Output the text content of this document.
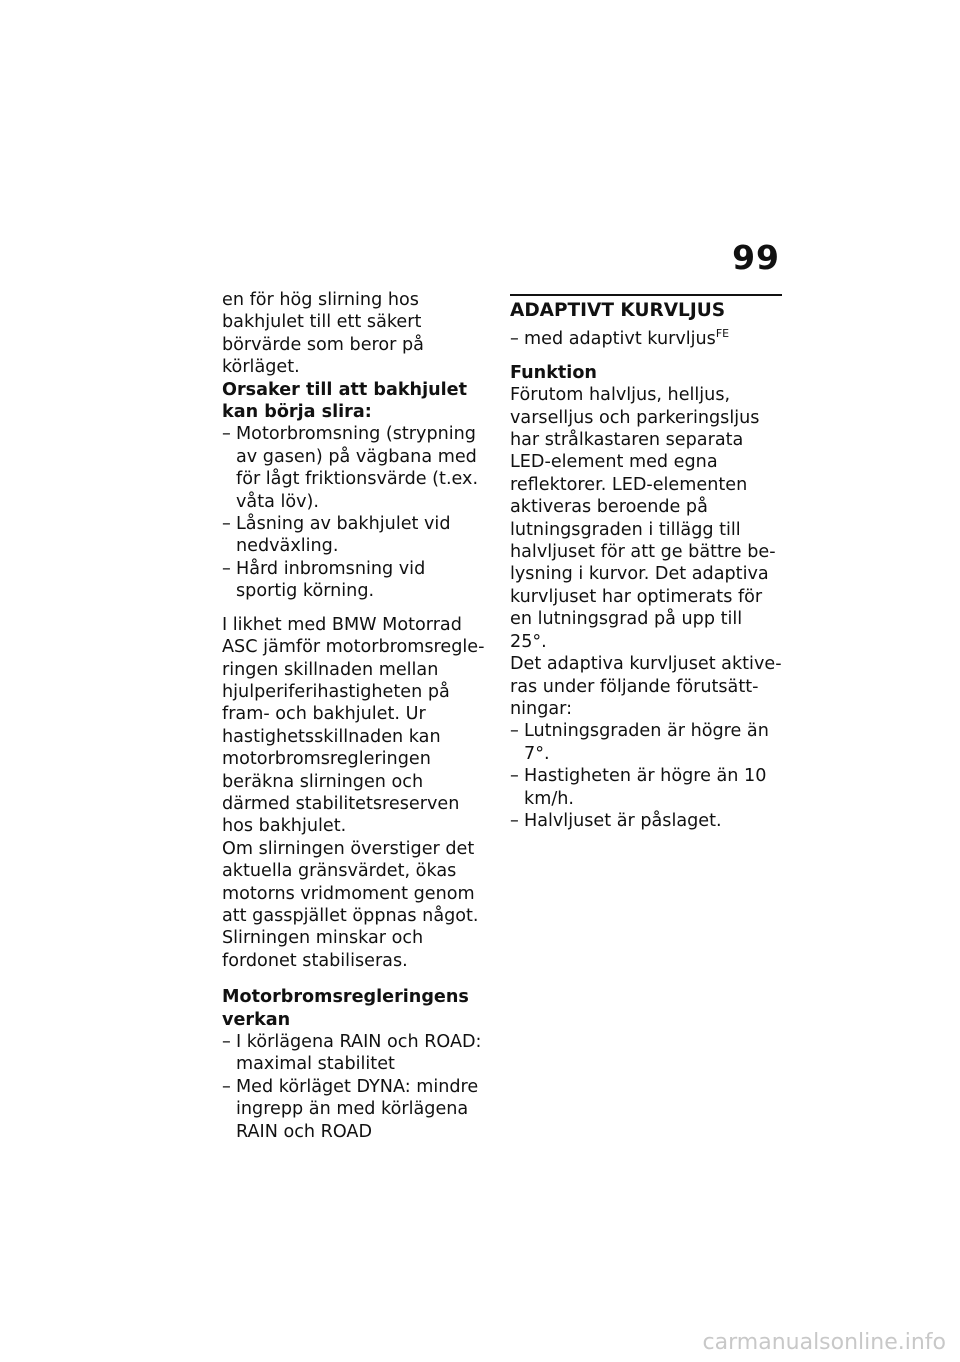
99

en för hög slirning hos bakhjulet till ett säkert börvärde som beror på körläget.

Orsaker till att bakhjulet kan börja slira:

– Motorbromsning (strypning av gasen) på vägbana med för lågt friktionsvärde (t.ex. våta löv).
– Låsning av bakhjulet vid nedväxling.
– Hård inbromsning vid sportig körning.

I likhet med BMW Motorrad ASC jämför motorbromsregleringen skillnaden mellan hjulperiferihastigheten på fram- och bakhjulet. Ur hastighetsskillnaden kan motorbromsregleringen beräkna slirningen och därmed stabilitetsreserven hos bakhjulet.

Om slirningen överstiger det aktuella gränsvärdet, ökas motorns vridmoment genom att gasspjället öppnas något. Slirningen minskar och fordonet stabiliseras.

Motorbromsregleringens verkan

– I körlägena RAIN och ROAD: maximal stabilitet
– Med körläget DYNA: mindre ingrepp än med körlägena RAIN och ROAD
ADAPTIVT KURVLJUS
– med adaptivt kurvljus$^{FE}$

Funktion

Förutom halvljus, helljus, varselljus och parkeringsljus har strålkastaren separata LED-element med egna reflektorer. LED-elementen aktiveras beroende på lutningsgraden i tillägg till halvljuset för att ge bättre belysning i kurvor. Det adaptiva kurvljuset har optimerats för en lutningsgrad på upp till 25°.

Det adaptiva kurvljuset aktiveras under följande förutsättningar:

– Lutningsgraden är högre än 7°.
– Hastigheten är högre än 10 km/h.
– Halvljuset är påslaget.
carmanualsonline.info
